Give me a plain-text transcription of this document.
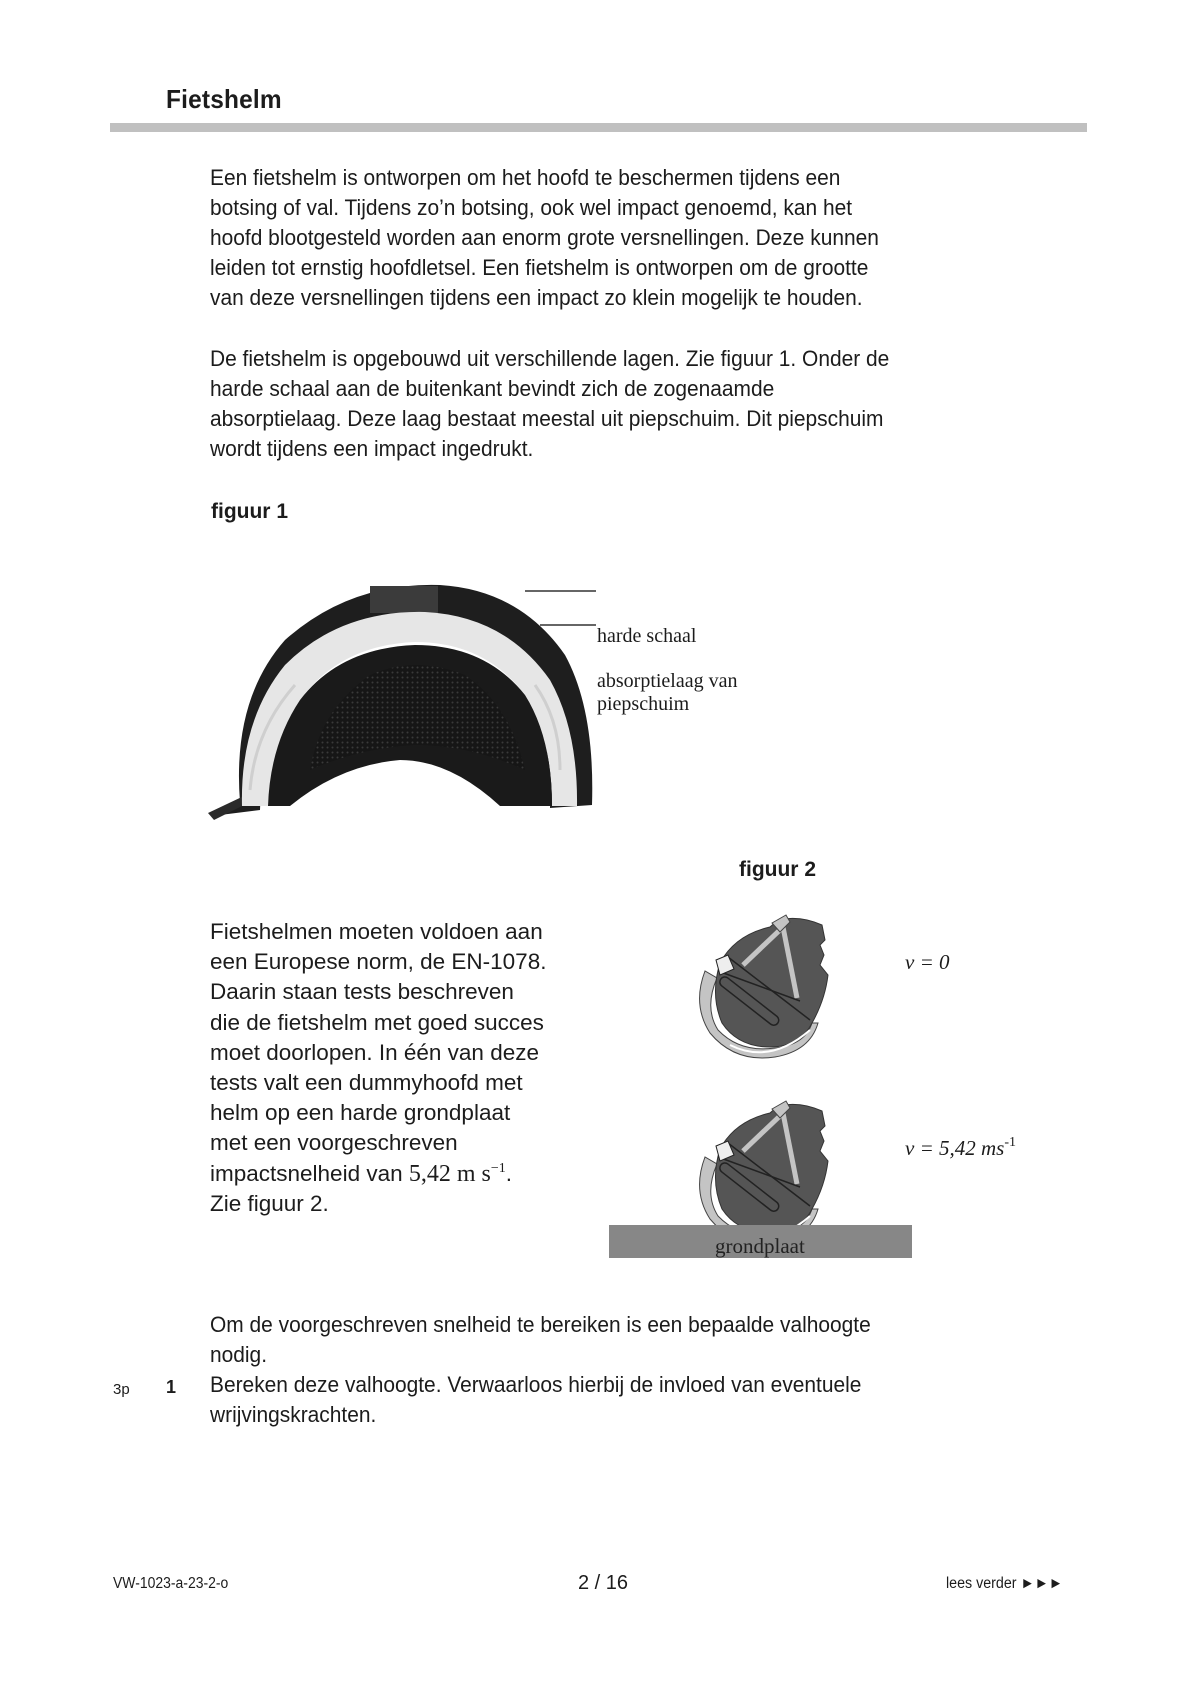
Fietshelm
Een fietshelm is ontworpen om het hoofd te beschermen tijdens een
botsing of val. Tijdens zo’n botsing, ook wel impact genoemd, kan het
hoofd blootgesteld worden aan enorm grote versnellingen. Deze kunnen
leiden tot ernstig hoofdletsel. Een fietshelm is ontworpen om de grootte
van deze versnellingen tijdens een impact zo klein mogelijk te houden.
De fietshelm is opgebouwd uit verschillende lagen. Zie figuur 1. Onder de
harde schaal aan de buitenkant bevindt zich de zogenaamde
absorptielaag. Deze laag bestaat meestal uit piepschuim. Dit piepschuim
wordt tijdens een impact ingedrukt.
figuur 1
harde schaal
absorptielaag van
piepschuim
figuur 2
Fietshelmen moeten voldoen aan
een Europese norm, de EN-1078.
Daarin staan tests beschreven
die de fietshelm met goed succes
moet doorlopen. In één van deze
tests valt een dummyhoofd met
helm op een harde grondplaat
met een voorgeschreven
impactsnelheid van 5,42 m $s^{-1}$.
Zie figuur 2.
v = 0
v = 5,42 $ms^{-1}$
grondplaat
Om de voorgeschreven snelheid te bereiken is een bepaalde valhoogte
nodig.
3p 1 Bereken deze valhoogte. Verwaarloos hierbij de invloed van eventuele
wrijvingskrachten.
VW-1023-a-23-2-o	2 / 16	lees verder ►►►
